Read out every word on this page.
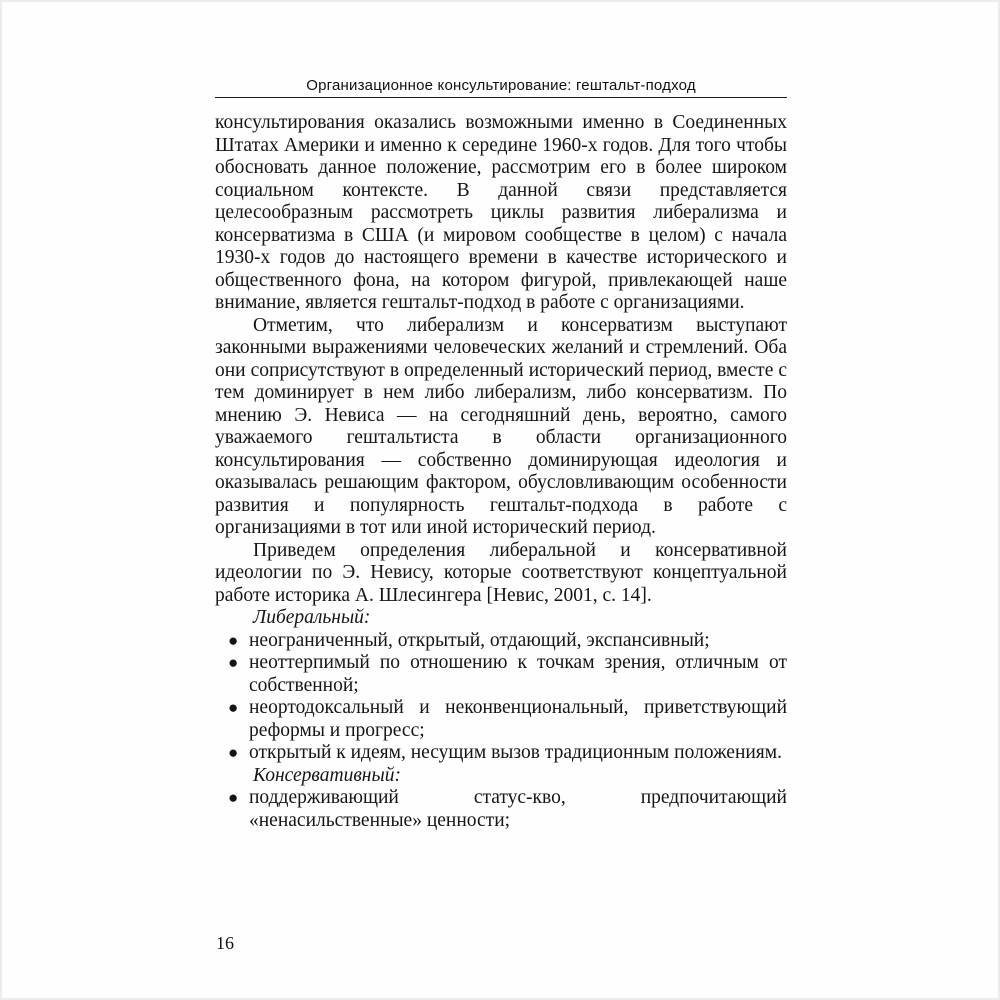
Организационное консультирование: гештальт-подход
консультирования оказались возможными именно в Соединенных Штатах Америки и именно к середине 1960-х годов. Для того чтобы обосновать данное положение, рассмотрим его в более широком социальном контексте. В данной связи представляется целесообразным рассмотреть циклы развития либерализма и консерватизма в США (и мировом сообществе в целом) с начала 1930-х годов до настоящего времени в качестве исторического и общественного фона, на котором фигурой, привлекающей наше внимание, является гештальт-подход в работе с организациями.
Отметим, что либерализм и консерватизм выступают законными выражениями человеческих желаний и стремлений. Оба они соприсутствуют в определенный исторический период, вместе с тем доминирует в нем либо либерализм, либо консерватизм. По мнению Э. Невиса — на сегодняшний день, вероятно, самого уважаемого гештальтиста в области организационного консультирования — собственно доминирующая идеология и оказывалась решающим фактором, обусловливающим особенности развития и популярность гештальт-подхода в работе с организациями в тот или иной исторический период.
Приведем определения либеральной и консервативной идеологии по Э. Невису, которые соответствуют концептуальной работе историка А. Шлесингера [Невис, 2001, с. 14].
Либеральный:
● неограниченный, открытый, отдающий, экспансивный;
● неоттерпимый по отношению к точкам зрения, отличным от собственной;
● неортодоксальный и неконвенциональный, приветствующий реформы и прогресс;
● открытый к идеям, несущим вызов традиционным положениям.
Консервативный:
● поддерживающий статус-кво, предпочитающий «ненасильственные» ценности;
16
